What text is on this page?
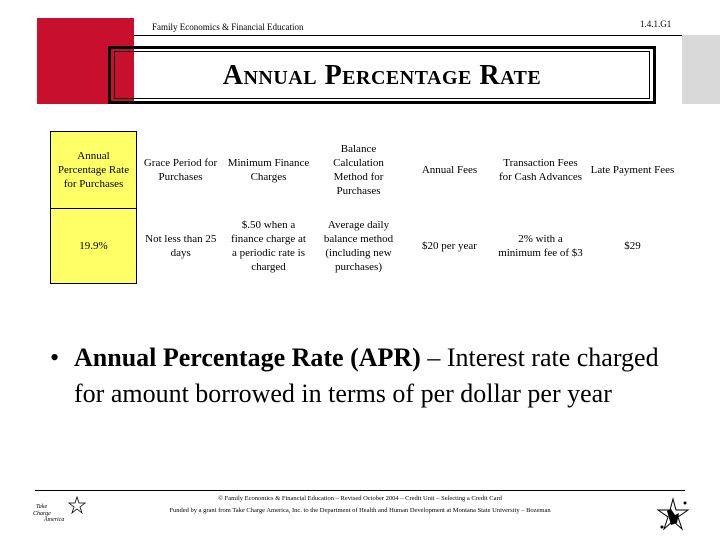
Family Economics & Financial Education	1.4.1.G1
Annual Percentage Rate
Annual Percentage Rate for Purchases	Grace Period for Purchases	Minimum Finance Charges	Balance Calculation Method for Purchases	Annual Fees	Transaction Fees for Cash Advances	Late Payment Fees
19.9%	Not less than 25 days	$.50 when a finance charge at a periodic rate is charged	Average daily balance method (including new purchases)	$20 per year	2% with a minimum fee of $3	$29
• Annual Percentage Rate (APR) – Interest rate charged for amount borrowed in terms of per dollar per year
Take
Charge
America
© Family Economics & Financial Education – Revised October 2004 – Credit Unit – Selecting a Credit Card
Funded by a grant from Take Charge America, Inc. to the Department of Health and Human Development at Montana State University – Bozeman
